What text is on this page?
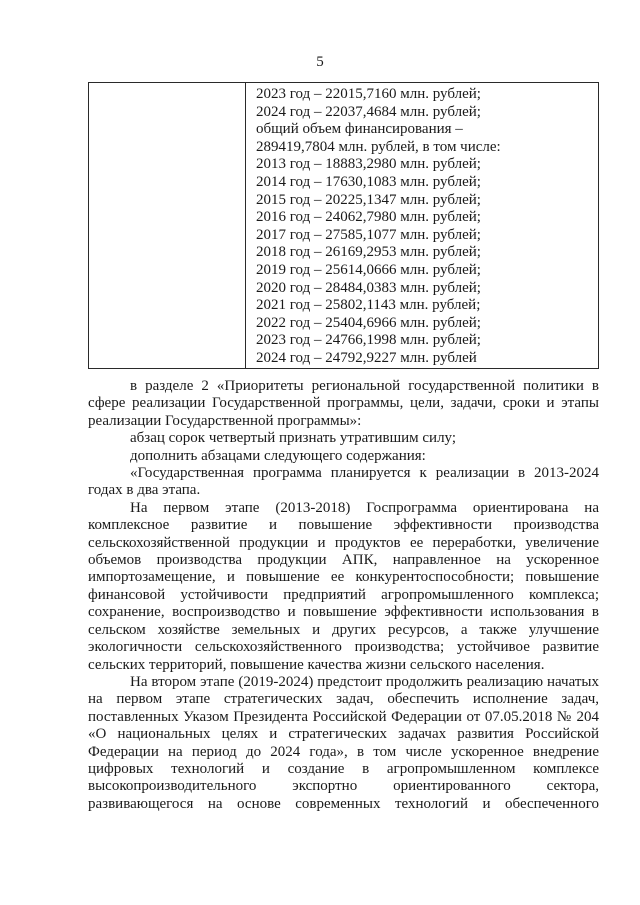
5

2023 год – 22015,7160 млн. рублей;
2024 год – 22037,4684 млн. рублей;
общий объем финансирования –
289419,7804 млн. рублей, в том числе:
2013 год – 18883,2980 млн. рублей;
2014 год – 17630,1083 млн. рублей;
2015 год – 20225,1347 млн. рублей;
2016 год – 24062,7980 млн. рублей;
2017 год – 27585,1077 млн. рублей;
2018 год – 26169,2953 млн. рублей;
2019 год – 25614,0666 млн. рублей;
2020 год – 28484,0383 млн. рублей;
2021 год – 25802,1143 млн. рублей;
2022 год – 25404,6966 млн. рублей;
2023 год – 24766,1998 млн. рублей;
2024 год – 24792,9227 млн. рублей

в разделе 2 «Приоритеты региональной государственной политики в сфере реализации Государственной программы, цели, задачи, сроки и этапы реализации Государственной программы»:

абзац сорок четвертый признать утратившим силу;

дополнить абзацами следующего содержания:

«Государственная программа планируется к реализации в 2013-2024 годах в два этапа.

На первом этапе (2013-2018) Госпрограмма ориентирована на комплексное развитие и повышение эффективности производства сельскохозяйственной продукции и продуктов ее переработки, увеличение объемов производства продукции АПК, направленное на ускоренное импортозамещение, и повышение ее конкурентоспособности; повышение финансовой устойчивости предприятий агропромышленного комплекса; сохранение, воспроизводство и повышение эффективности использования в сельском хозяйстве земельных и других ресурсов, а также улучшение экологичности сельскохозяйственного производства; устойчивое развитие сельских территорий, повышение качества жизни сельского населения.

На втором этапе (2019-2024) предстоит продолжить реализацию начатых на первом этапе стратегических задач, обеспечить исполнение задач, поставленных Указом Президента Российской Федерации от 07.05.2018 № 204 «О национальных целях и стратегических задачах развития Российской Федерации на период до 2024 года», в том числе ускоренное внедрение цифровых технологий и создание в агропромышленном комплексе высокопроизводительного экспортно ориентированного сектора, развивающегося на основе современных технологий и обеспеченного
